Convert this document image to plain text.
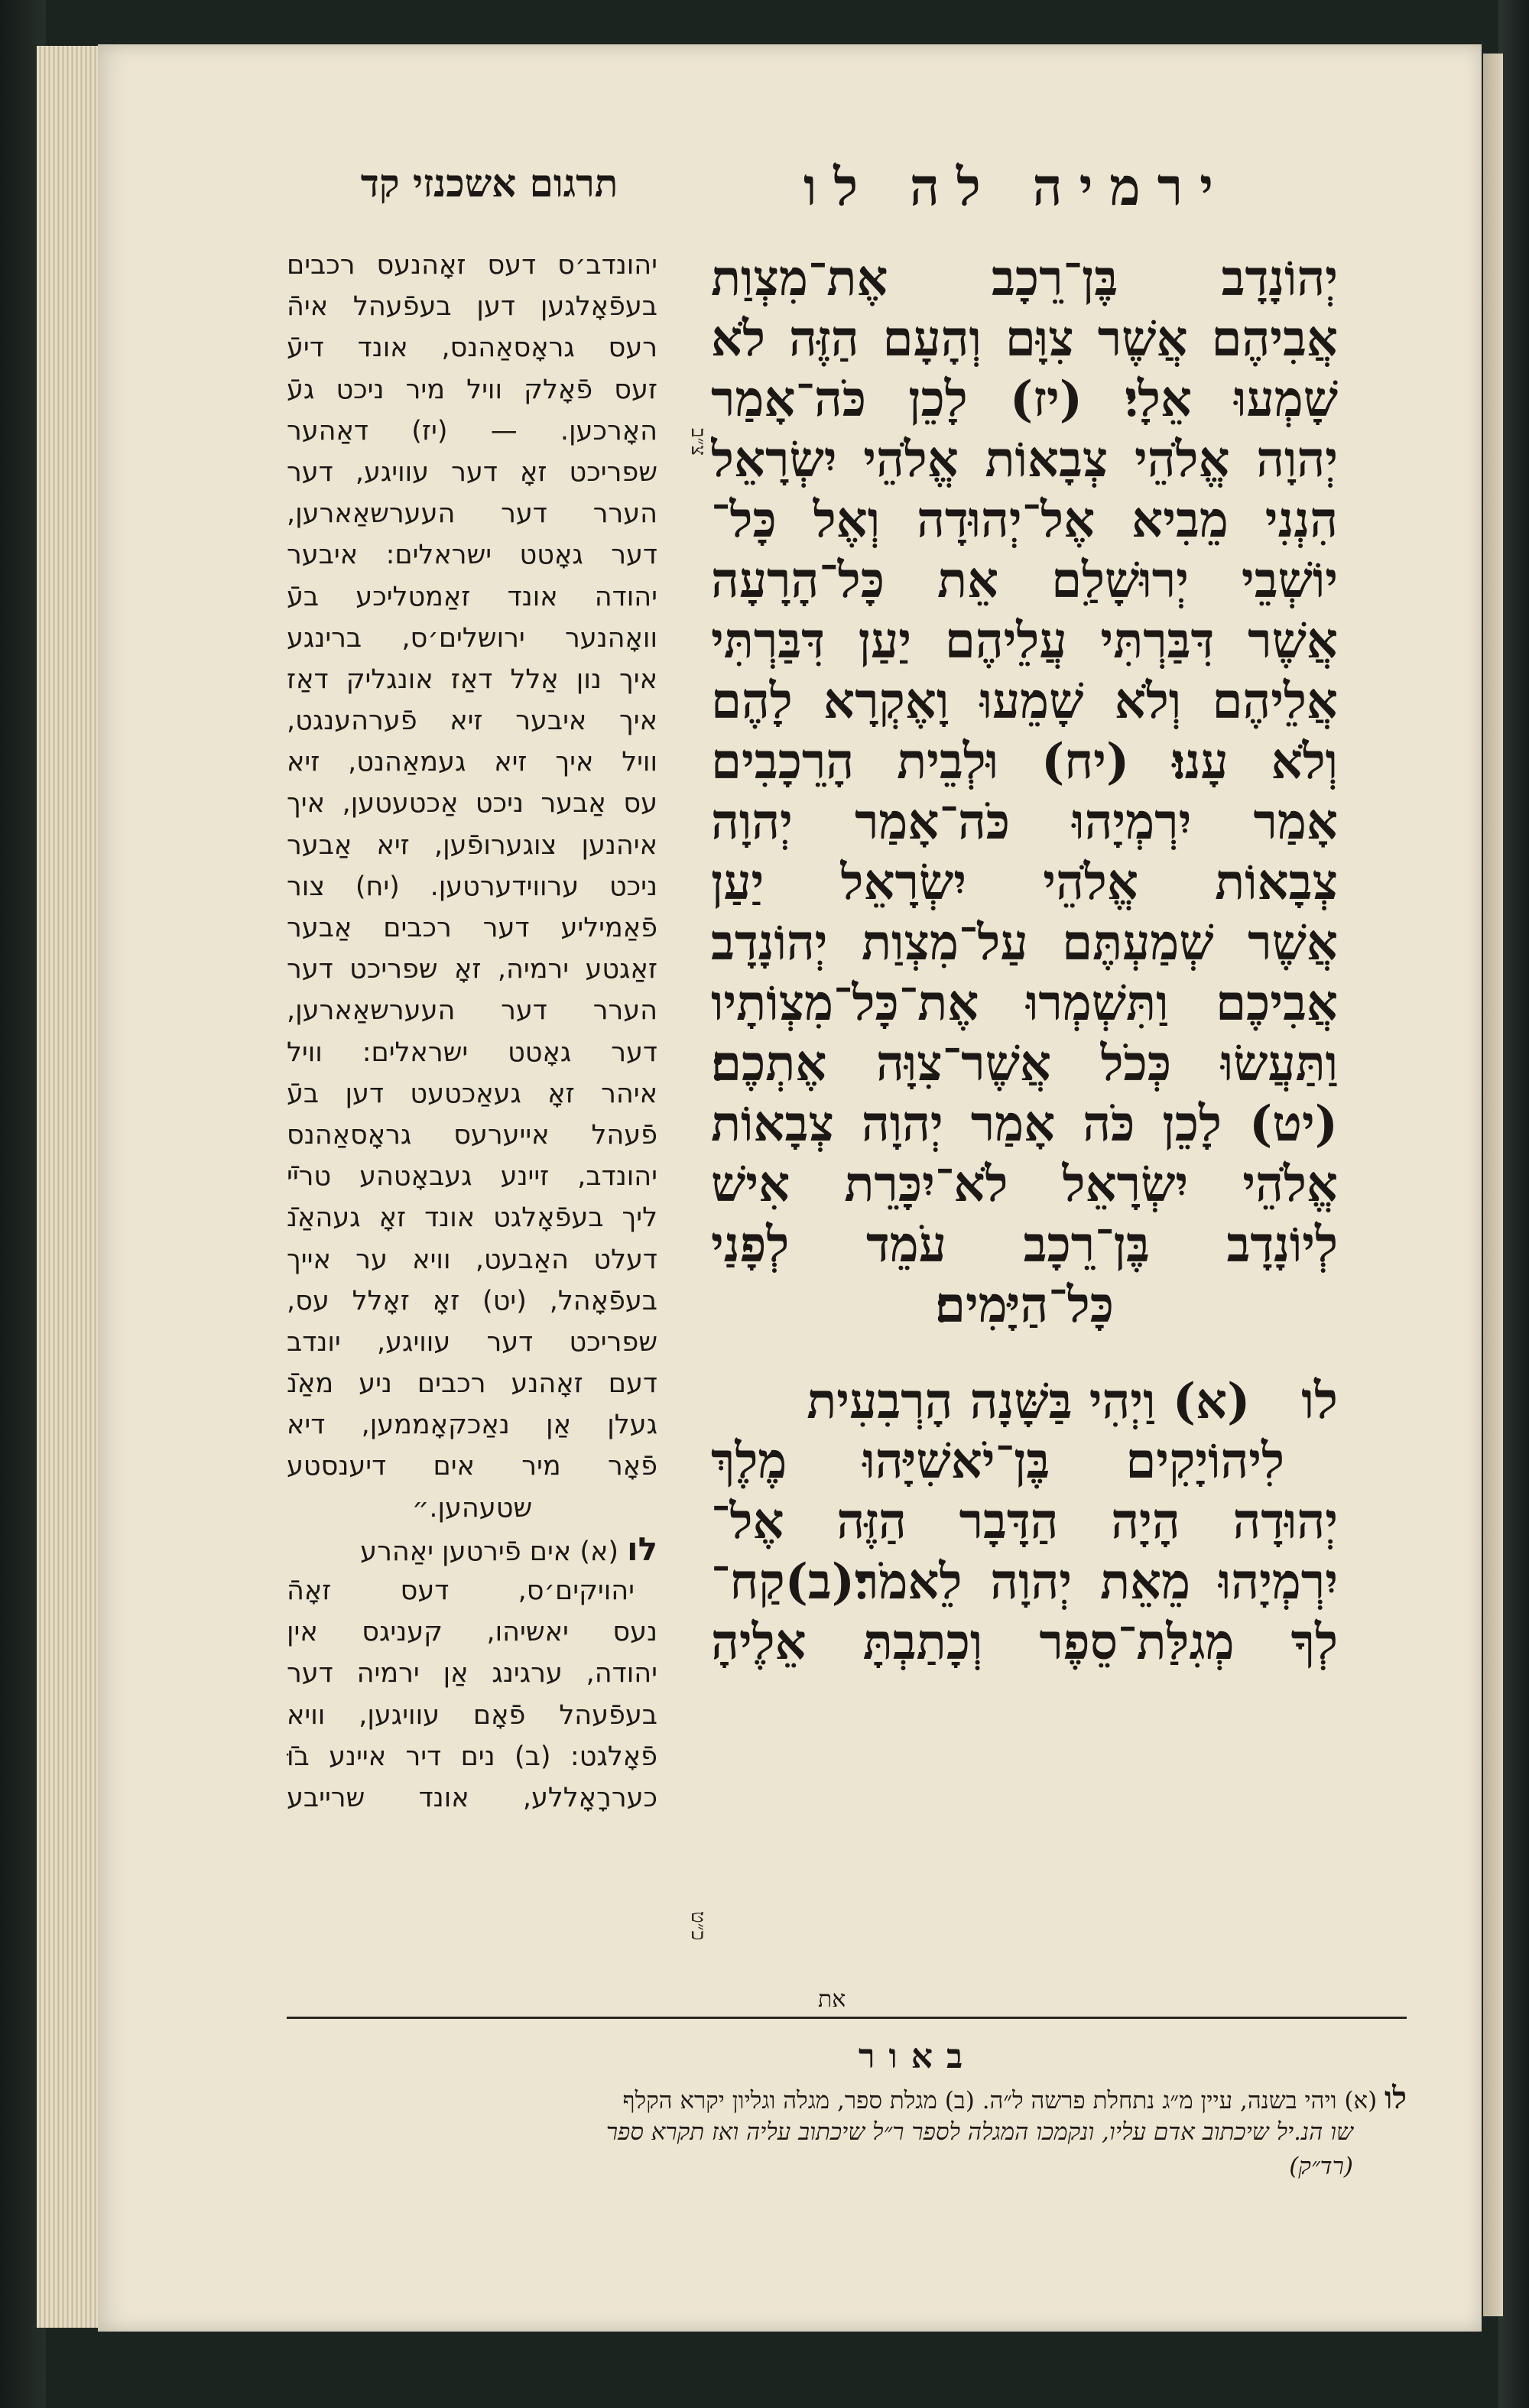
ירמיה לה לו
תרגום אשכנזי קד
צ״ב
כ״ט
יְהוֹנָדָב בֶּן־רֵכָב אֶת־מִצְוַת
אֲבִיהֶם אֲשֶׁר צִוָּם וְהָעָם הַזֶּה לֹא
שָׁמְעוּ אֵלָי׃ (יז) לָכֵן כֹּה־אָמַר
יְהוָה אֱלֹהֵי צְבָאוֹת אֱלֹהֵי יִשְׂרָאֵל
הִנְנִי מֵבִיא אֶל־יְהוּדָה וְאֶל כָּל־
יוֹשְׁבֵי יְרוּשָׁלִַם אֵת כָּל־הָרָעָה
אֲשֶׁר דִּבַּרְתִּי עֲלֵיהֶם יַעַן דִּבַּרְתִּי
אֲלֵיהֶם וְלֹא שָׁמֵעוּ וָאֶקְרָא לָהֶם
וְלֹא עָנוּ׃ (יח) וּלְבֵית הָרֵכָבִים
אָמַר יִרְמְיָהוּ כֹּה־אָמַר יְהוָה
צְבָאוֹת אֱלֹהֵי יִשְׂרָאֵל יַעַן
אֲשֶׁר שְׁמַעְתֶּם עַל־מִצְוַת יְהוֹנָדָב
אֲבִיכֶם וַתִּשְׁמְרוּ אֶת־כָּל־מִצְוֹתָיו
וַתַּעֲשׂוּ כְּכֹל אֲשֶׁר־צִוָּה אֶתְכֶם׃
(יט) לָכֵן כֹּה אָמַר יְהוָה צְבָאוֹת
אֱלֹהֵי יִשְׂרָאֵל לֹא־יִכָּרֵת אִישׁ
לְיוֹנָדָב בֶּן־רֵכָב עֹמֵד לְפָנַי
כָּל־הַיָּמִים׃
לו   (א) וַיְהִי בַּשָּׁנָה הָרְבִעִית
לִיהוֹיָקִים בֶּן־יֹאשִׁיָּהוּ מֶלֶךְ
יְהוּדָה הָיָה הַדָּבָר הַזֶּה אֶל־
יִרְמְיָהוּ מֵאֵת יְהוָה לֵאמֹר׃(ב)קַח־
לְךָ מְגִלַּת־סֵפֶר וְכָתַבְתָּ אֵלֶיהָ
יהונדב׳ס דעס זאָהנעס רכבים
בעפֿאָלגען דען בעפֿעהל איהֿ
רעס גראָסאַהנס, אונד דיעֿ
זעס פֿאָלק וויל מיר ניכט געֿ
האָרכען. — (יז) דאַהער
שפריכט זאָ דער עוויגע, דער
הערר דער העערשאַארען,
דער גאָטט ישראלים: איבער
יהודה אונד זאַמטליכע בעֿ
וואָהנער ירושלים׳ס, ברינגע
איך נון אַלל דאַז אונגליק דאַז
איך איבער זיא פֿערהענגט,
וויל איך זיא געמאַהנט, זיא
עס אַבער ניכט אַכטעטען, איך
איהנען צוגערופֿען, זיא אַבער
ניכט ערווידערטען. (יח) צור
פֿאַמיליע דער רכבים אַבער
זאַגטע ירמיה, זאָ שפריכט דער
הערר דער העערשאַארען,
דער גאָטט ישראלים: וויל
איהר זאָ געאַכטעט דען בעֿ
פֿעהל אייערעס גראָסאַהנס
יהונדב, זיינע געבאָטהע טרייֿ
ליך בעפֿאָלגט אונד זאָ געהאַנֿ
דעלט האַבעט, וויא ער אייך
בעפֿאָהל, (יט) זאָ זאָלל עס,
שפריכט דער עוויגע, יונדב
דעם זאָהנע רכבים ניע מאַנֿ
געלן אַן נאַכקאָממען, דיא
פֿאָר מיר אים דיענסטע
שטעהען.״
לו (א) אים פֿירטען יאַהרע
יהויקים׳ס, דעס זאָהֿ
נעס יאשיהו, קעניגס אין
יהודה, ערגינג אַן ירמיה דער
בעפֿעהל פֿאָם עוויגען, וויא
פֿאָלגט: (ב) נים דיר איינע בוּֿ
כעררָאָללע, אונד שרייבע
את
באור
לו (א) ויהי בשנה, עיין מ״ג נתחלת פרשה ל״ה. (ב) מגלת ספר, מגלה וגליון יקרא הקלף
שו הנ.יל שיכתוב אדם עליו, ונקמכו המגלה לספר ר״ל שיכתוב עליה ואז תקרא ספר
(רד״ק)
